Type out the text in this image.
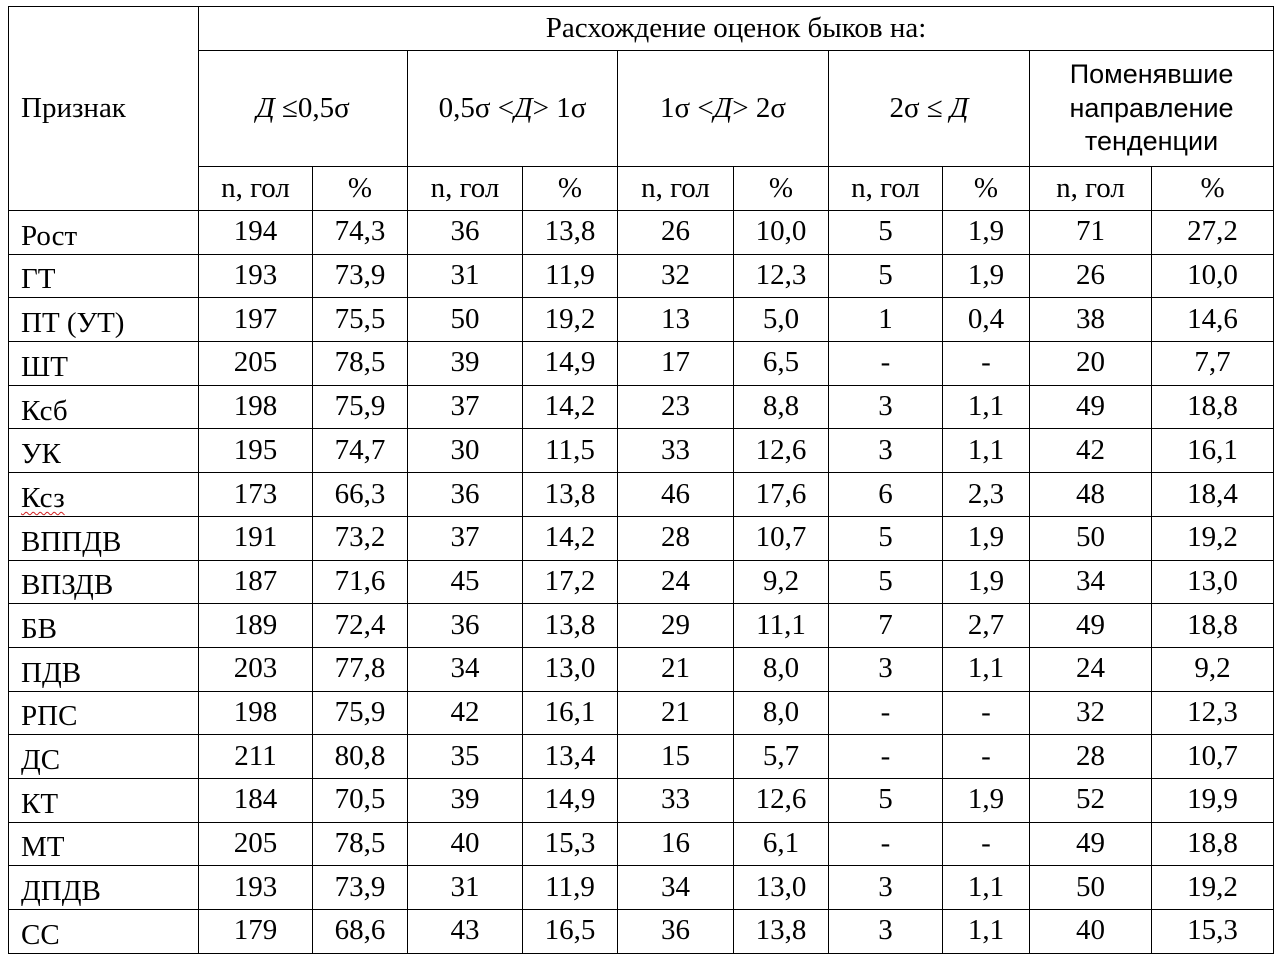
Признак	Расхождение оценок быков на:									
	Д ≤0,5σ		0,5σ <Д> 1σ		1σ <Д> 2σ		2σ ≤ Д		Поменявшие направление тенденции	
	n, гол	%	n, гол	%	n, гол	%	n, гол	%	n, гол	%
Рост	194	74,3	36	13,8	26	10,0	5	1,9	71	27,2
ГТ	193	73,9	31	11,9	32	12,3	5	1,9	26	10,0
ПТ (УТ)	197	75,5	50	19,2	13	5,0	1	0,4	38	14,6
ШТ	205	78,5	39	14,9	17	6,5	-	-	20	7,7
Ксб	198	75,9	37	14,2	23	8,8	3	1,1	49	18,8
УК	195	74,7	30	11,5	33	12,6	3	1,1	42	16,1
Ксз	173	66,3	36	13,8	46	17,6	6	2,3	48	18,4
ВППДВ	191	73,2	37	14,2	28	10,7	5	1,9	50	19,2
ВПЗДВ	187	71,6	45	17,2	24	9,2	5	1,9	34	13,0
БВ	189	72,4	36	13,8	29	11,1	7	2,7	49	18,8
ПДВ	203	77,8	34	13,0	21	8,0	3	1,1	24	9,2
РПС	198	75,9	42	16,1	21	8,0	-	-	32	12,3
ДС	211	80,8	35	13,4	15	5,7	-	-	28	10,7
КТ	184	70,5	39	14,9	33	12,6	5	1,9	52	19,9
МТ	205	78,5	40	15,3	16	6,1	-	-	49	18,8
ДПДВ	193	73,9	31	11,9	34	13,0	3	1,1	50	19,2
СС	179	68,6	43	16,5	36	13,8	3	1,1	40	15,3
